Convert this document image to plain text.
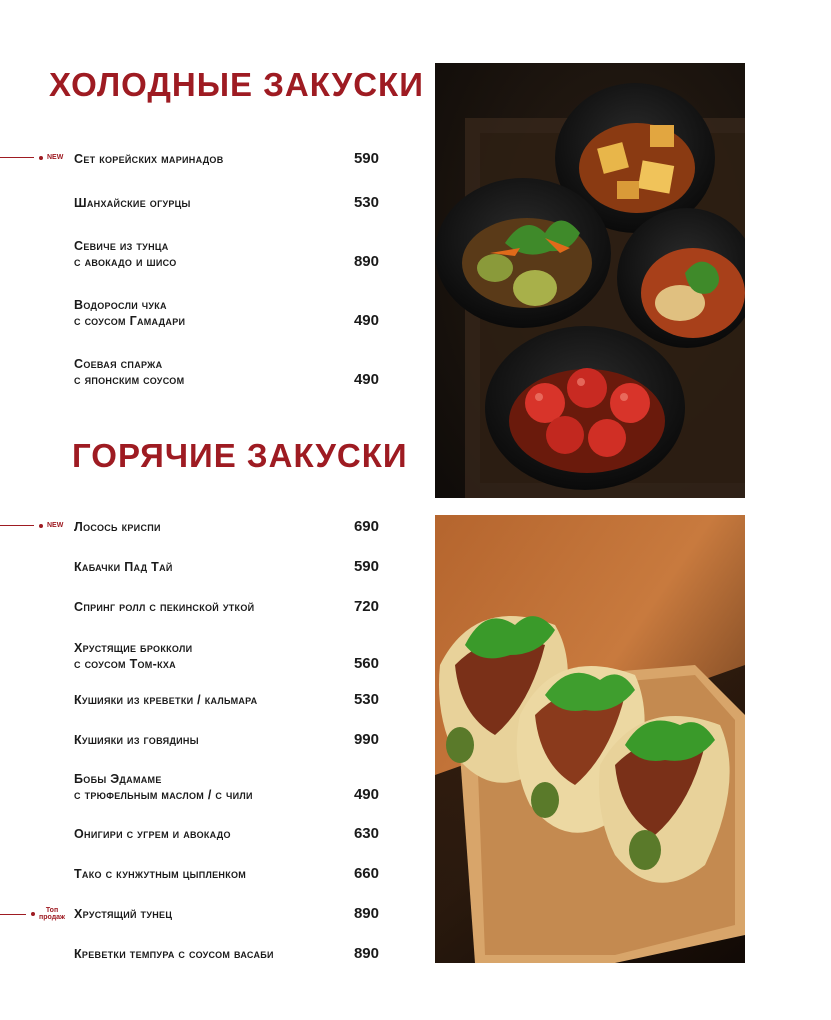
ХОЛОДНЫЕ ЗАКУСКИ
NEW Сет корейских маринадов	590
Шанхайские огурцы	530
Севиче из тунца
с авокадо и шисо	890
Водоросли чука
с соусом Гамадари	490
Соевая спаржа
с японским соусом	490
ГОРЯЧИЕ ЗАКУСКИ
NEW Лосось криспи	690
Кабачки Пад Тай	590
Спринг ролл с пекинской уткой	720
Хрустящие брокколи
с соусом Том-кха	560
Кушияки из креветки / кальмара	530
Кушияки из говядины	990
Бобы Эдамаме
с трюфельным маслом / с чили	490
Онигири с угрем и авокадо	630
Тако с кунжутным цыпленком	660
Топ
продаж Хрустящий тунец	890
Креветки темпура с соусом васаби	890
